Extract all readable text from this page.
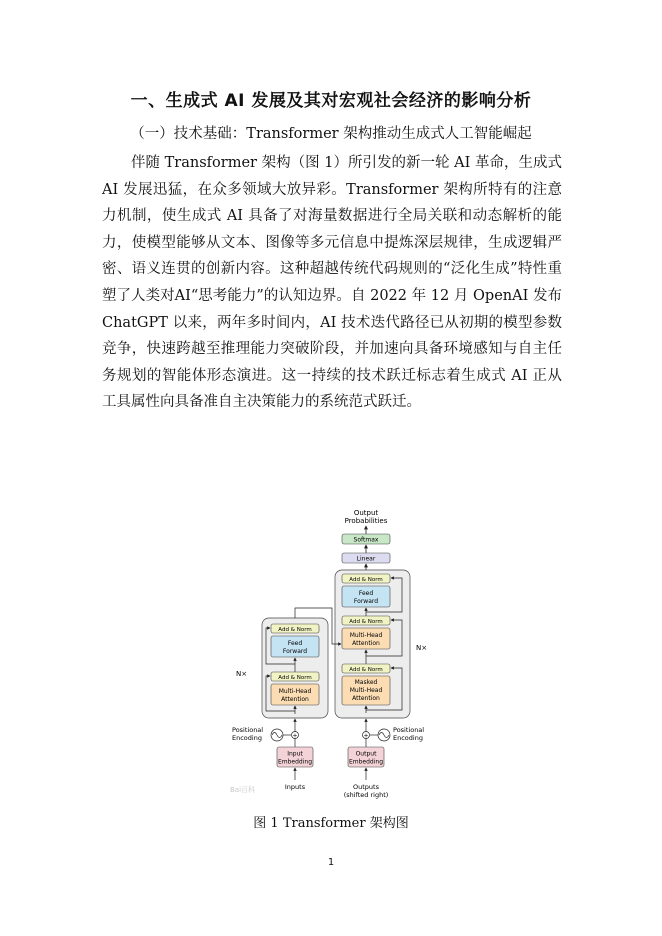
一、生成式 AI 发展及其对宏观社会经济的影响分析
（一）技术基础：Transformer 架构推动生成式人工智能崛起

伴随 Transformer 架构（图 1）所引发的新一轮 AI 革命，生成式 AI 发展迅猛，在众多领域大放异彩。Transformer 架构所特有的注意力机制，使生成式 AI 具备了对海量数据进行全局关联和动态解析的能力，使模型能够从文本、图像等多元信息中提炼深层规律，生成逻辑严密、语义连贯的创新内容。这种超越传统代码规则的“泛化生成”特性重塑了人类对AI“思考能力”的认知边界。自 2022 年 12 月 OpenAI 发布 ChatGPT 以来，两年多时间内，AI 技术迭代路径已从初期的模型参数竞争，快速跨越至推理能力突破阶段，并加速向具备环境感知与自主任务规划的智能体形态演进。这一持续的技术跃迁标志着生成式 AI 正从工具属性向具备准自主决策能力的系统范式跃迁。

Output
Probabilities
Softmax
Linear
Add & Norm
Feed
Forward
Add & Norm
Multi-Head
Attention
Add & Norm
Masked
Multi-Head
Attention
N×
Add & Norm
Feed
Forward
Add & Norm
Multi-Head
Attention
N×
+
Positional
Encoding	+
Positional
Encoding
Input
Embedding
Output
Embedding
Inputs	Outputs
(shifted right)
Bai百科
图 1 Transformer 架构图
1
